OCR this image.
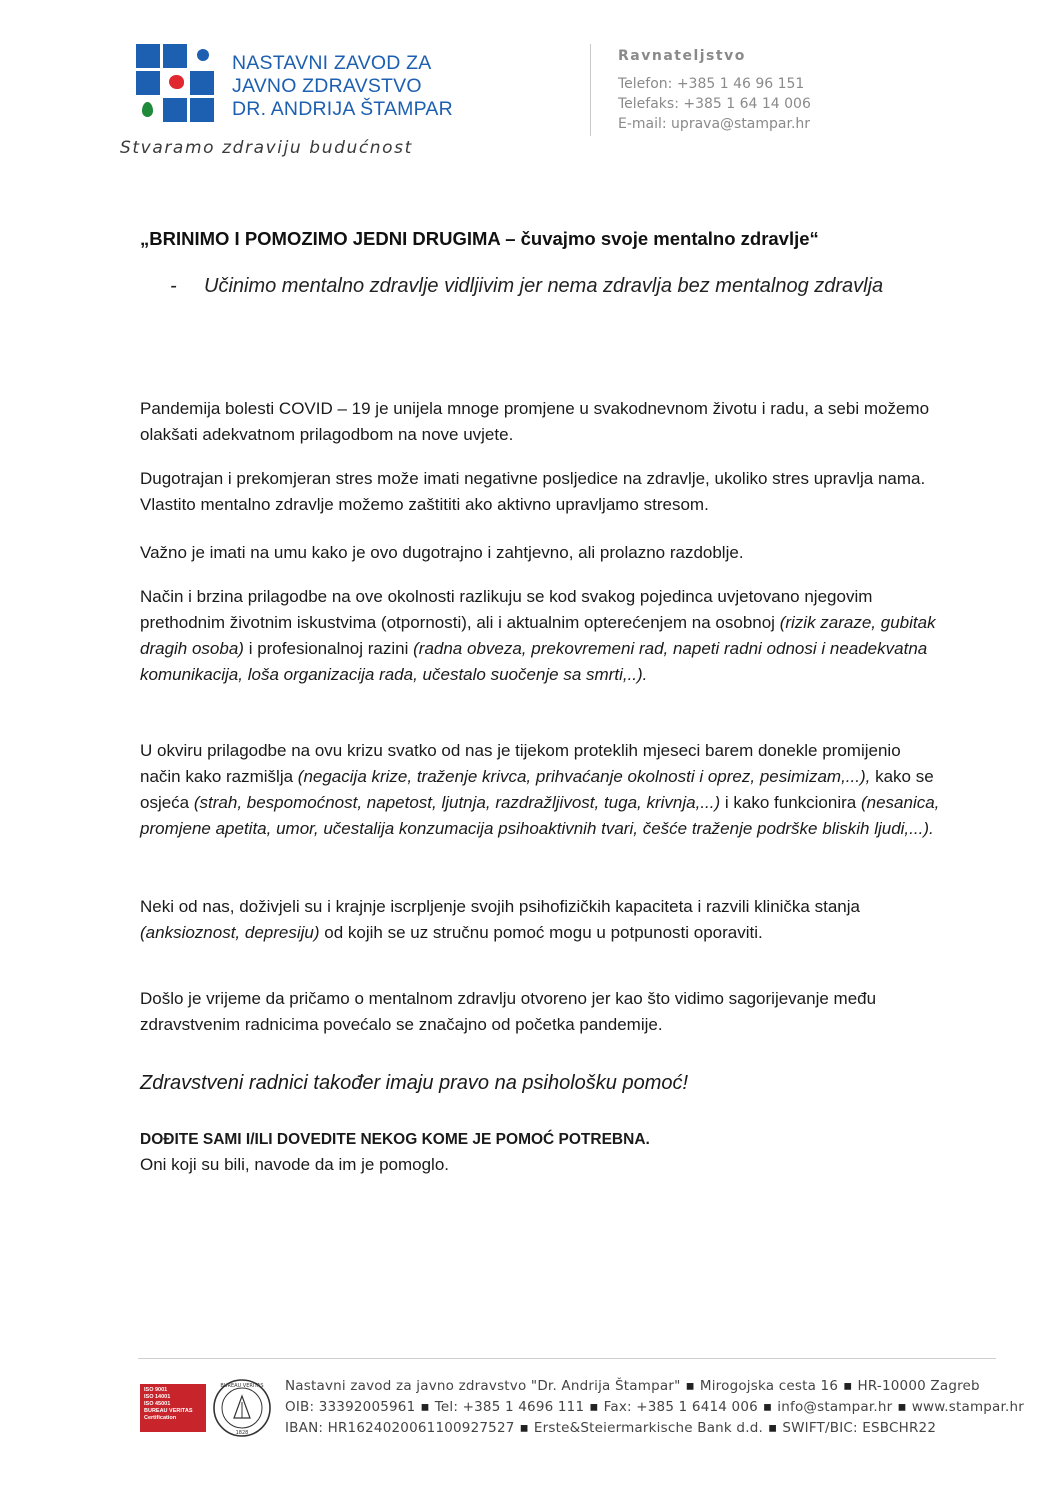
NASTAVNI ZAVOD ZA
JAVNO ZDRAVSTVO
DR. ANDRIJA ŠTAMPAR
Stvaramo zdraviju budućnost
Ravnateljstvo
Telefon: +385 1 46 96 151
Telefaks: +385 1 64 14 006
E-mail: uprava@stampar.hr
„BRINIMO I POMOZIMO JEDNI DRUGIMA – čuvajmo svoje mentalno zdravlje“
- Učinimo mentalno zdravlje vidljivim jer nema zdravlja bez mentalnog zdravlja
Pandemija bolesti COVID – 19 je unijela mnoge promjene u svakodnevnom životu i radu, a sebi možemo olakšati adekvatnom prilagodbom na nove uvjete.
Dugotrajan i prekomjeran stres može imati negativne posljedice na zdravlje, ukoliko stres upravlja nama. Vlastito mentalno zdravlje možemo zaštititi ako aktivno upravljamo stresom.
Važno je imati na umu kako je ovo dugotrajno i zahtjevno, ali prolazno razdoblje.
Način i brzina prilagodbe na ove okolnosti razlikuju se kod svakog pojedinca uvjetovano njegovim prethodnim životnim iskustvima (otpornosti), ali i aktualnim opterećenjem na osobnoj (rizik zaraze, gubitak dragih osoba) i profesionalnoj razini (radna obveza, prekovremeni rad, napeti radni odnosi i neadekvatna komunikacija, loša organizacija rada, učestalo suočenje sa smrti,..).
U okviru prilagodbe na ovu krizu svatko od nas je tijekom proteklih mjeseci barem donekle promijenio način kako razmišlja (negacija krize, traženje krivca, prihvaćanje okolnosti i oprez, pesimizam,...), kako se osjeća (strah, bespomoćnost, napetost, ljutnja, razdražljivost, tuga, krivnja,...) i kako funkcionira (nesanica, promjene apetita, umor, učestalija konzumacija psihoaktivnih tvari, češće traženje podrške bliskih ljudi,...).
Neki od nas, doživjeli su i krajnje iscrpljenje svojih psihofizičkih kapaciteta i razvili klinička stanja (anksioznost, depresiju) od kojih se uz stručnu pomoć mogu u potpunosti oporaviti.
Došlo je vrijeme da pričamo o mentalnom zdravlju otvoreno jer kao što vidimo sagorijevanje među zdravstvenim radnicima povećalo se značajno od početka pandemije.
Zdravstveni radnici također imaju pravo na psihološku pomoć!
DOĐITE SAMI I/ILI DOVEDITE NEKOG KOME JE POMOĆ POTREBNA.
Oni koji su bili, navode da im je pomoglo.
ISO 9001
ISO 14001
ISO 45001
BUREAU VERITAS
Certification
BUREAU VERITAS
1828
Nastavni zavod za javno zdravstvo "Dr. Andrija Štampar" ▪ Mirogojska cesta 16 ▪ HR-10000 Zagreb
OIB: 33392005961 ▪ Tel: +385 1 4696 111 ▪ Fax: +385 1 6414 006 ▪ info@stampar.hr ▪ www.stampar.hr
IBAN: HR1624020061100927527 ▪ Erste&Steiermarkische Bank d.d. ▪ SWIFT/BIC: ESBCHR22
